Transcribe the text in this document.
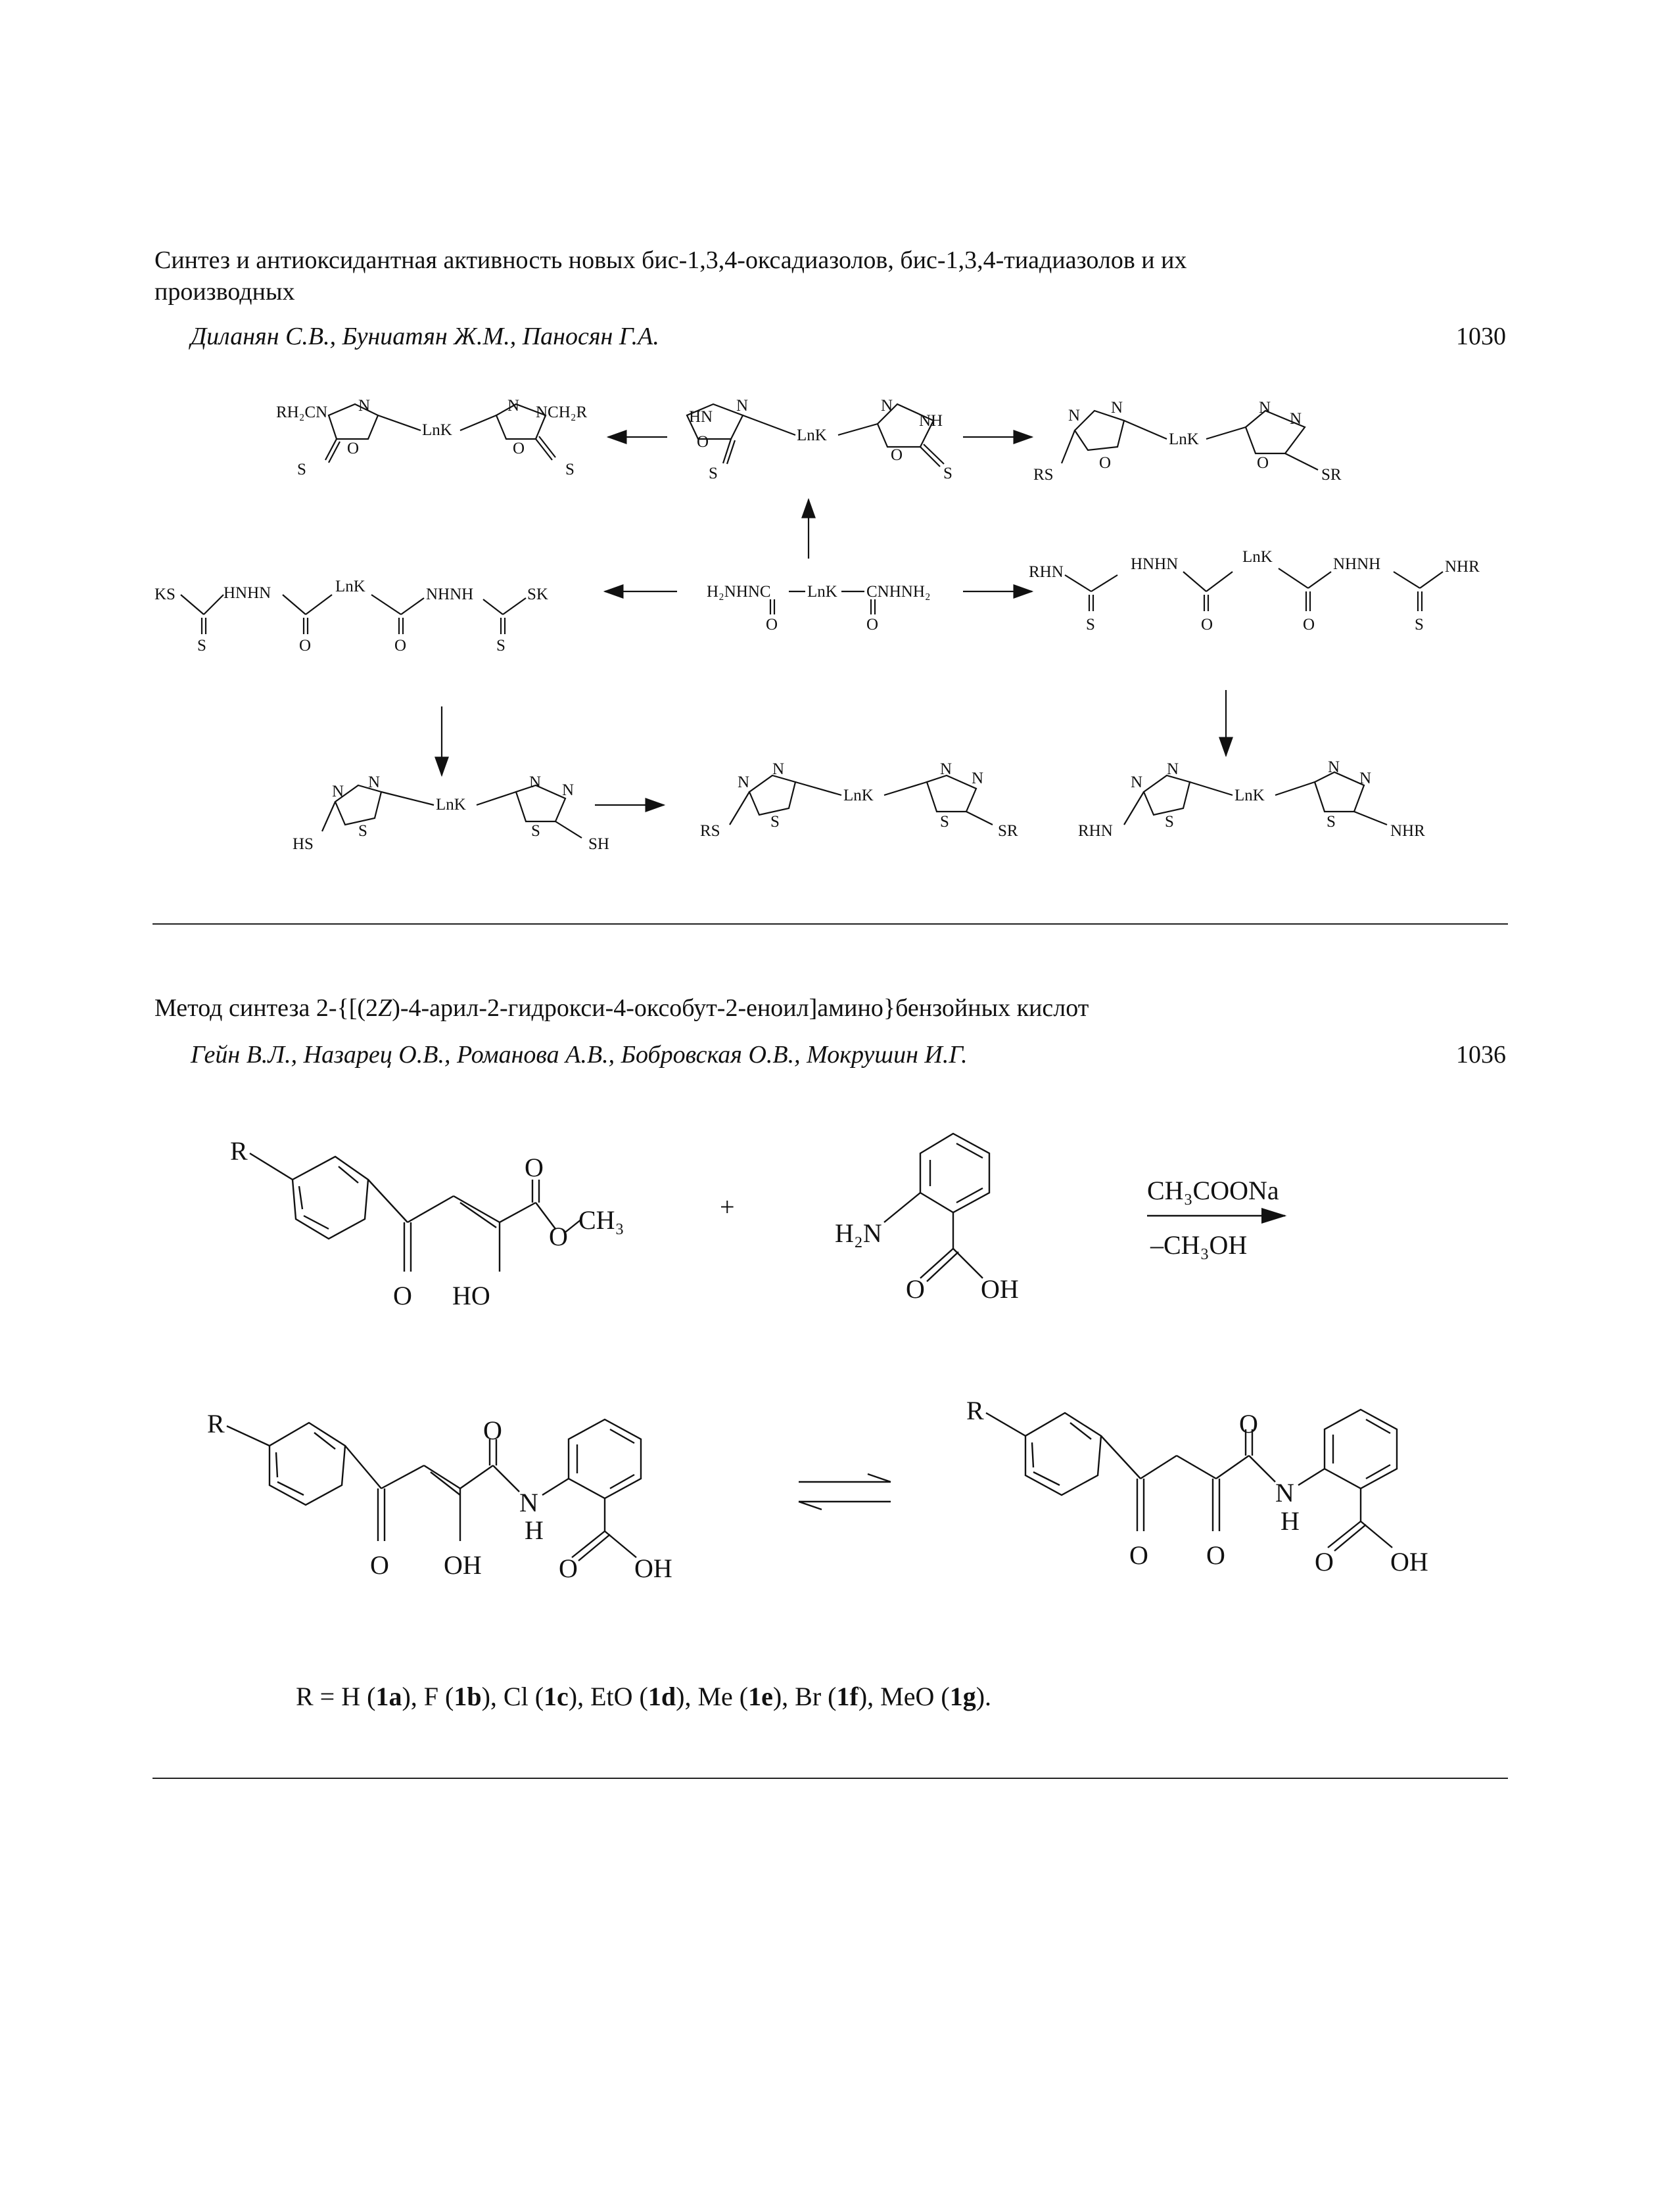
Синтез и антиоксидантная активность новых бис-1,3,4-оксадиазолов, бис-1,3,4-тиадиазолов и их
производных
Диланян С.В., Буниатян Ж.М., Паносян Г.А.	1030
HN
N
O
S
LnK
N
NH
O
S
RH₂CN N
O
S
LnK
N NCH₂R
O
S
N N
O
RS
LnK
N
N
O
SR
H₂NHNC LnK CNHNH₂
O	O
KS
S
HNHN
O
LnK
O
NHNH
S
SK
RHN
S
HNHN
O
LnK
O
NHNH
S
NHR
N
N
S
HS
LnK
N N
S
SH
N
N
S
RS
LnK
N
N
S
SR
N
N
S
RHN
LnK
N
N
S
NHR
Метод синтеза 2-{[(2Z)-4-арил-2-гидрокси-4-оксобут-2-еноил]амино}бензойных кислот
Гейн В.Л., Назарец О.В., Романова А.В., Бобровская О.В., Мокрушин И.Г.	1036
R
O
O
CH₃
O HO
+
H₂N
O OH
CH₃COONa
–CH₃OH
R	O
N
H
O OH	O OH
R	O
N
H
O O	O OH
R = H (1a), F (1b), Cl (1c), EtO (1d), Me (1e), Br (1f), MeO (1g).
